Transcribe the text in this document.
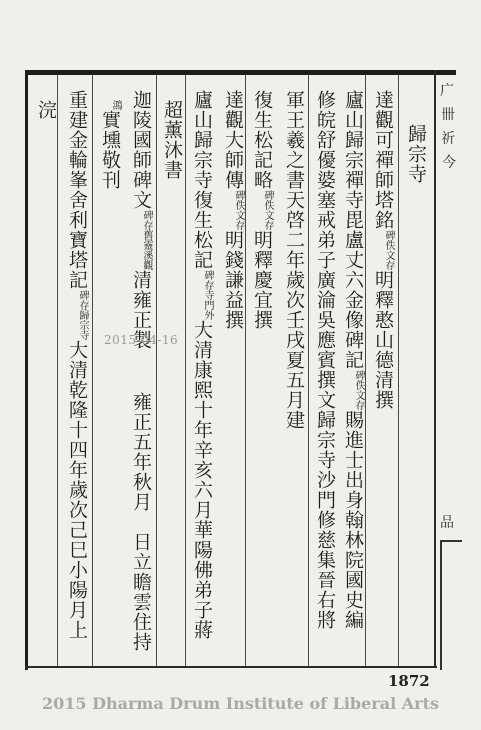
广
卌
祈
今
品
歸宗寺
達觀可禪師塔銘碑佚文存明釋憨山德清撰
廬山歸宗禪寺毘盧丈六金像碑記碑佚文存賜進士出身翰林院國史編
修皖舒優婆塞戒弟子廣淪吳應賓撰文歸宗寺沙門修慈集晉右將
軍王羲之書天啓二年歲次壬戌夏五月建
復生松記略碑佚文存明釋慶宜撰
達觀大師傳碑佚文存明錢謙益撰
廬山歸宗寺復生松記碑存寺門外大清康熙十年辛亥六月華陽佛弟子蔣
超薰沐書
迦陵國師碑文碑存舊靈溪觀清雍正製
雍正五年秋月　日立瞻雲住持
鴻實壎敬刊
重建金輪峯舍利寶塔記碑存歸宗寺大清乾隆十四年歲次己巳小陽月上
浣
2015-04-16
1872
2015 Dharma Drum Institute of Liberal Arts
